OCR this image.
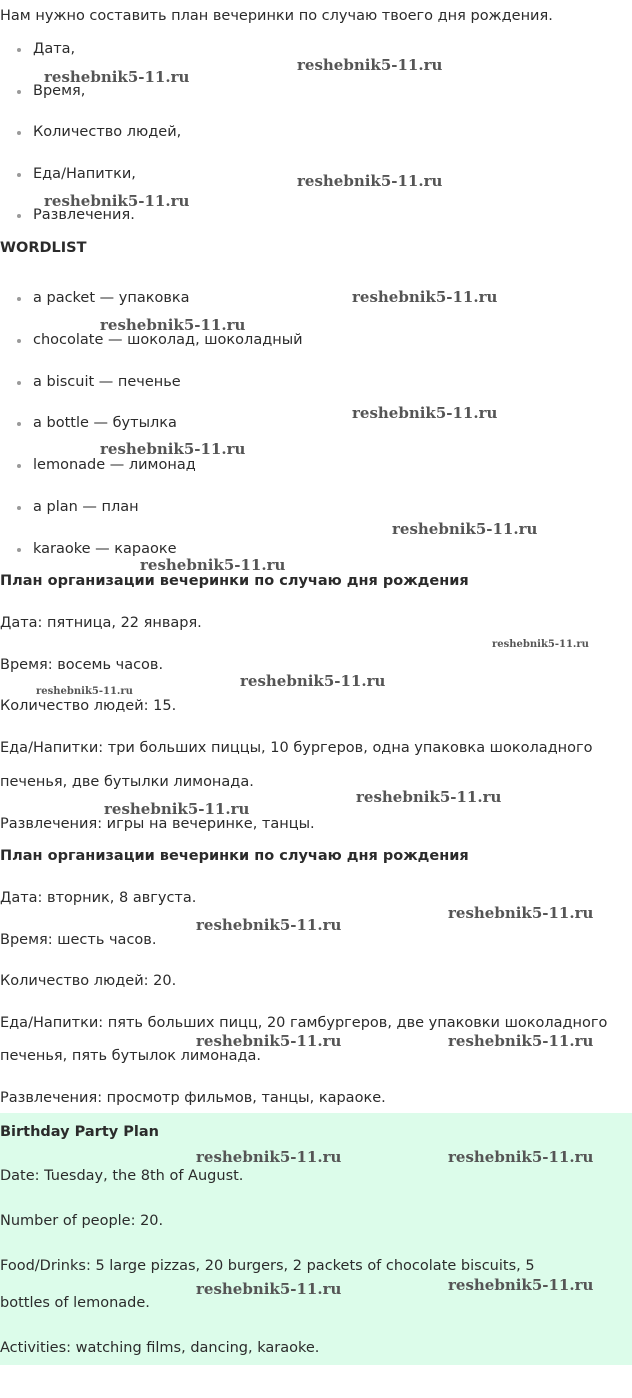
Нам нужно составить план вечеринки по случаю твоего дня рождения.
Дата,
Время,
Количество людей,
Еда/Напитки,
Развлечения.
WORDLIST
a packet — упаковка
chocolate — шоколад, шоколадный
a biscuit — печенье
a bottle — бутылка
lemonade — лимонад
a plan — план
karaoke — караоке
План организации вечеринки по случаю дня рождения
Дата: пятница, 22 января.
Время: восемь часов.
Количество людей: 15.
Еда/Напитки: три больших пиццы, 10 бургеров, одна упаковка шоколадного
печенья, две бутылки лимонада.
Развлечения: игры на вечеринке, танцы.
План организации вечеринки по случаю дня рождения
Дата: вторник, 8 августа.
Время: шесть часов.
Количество людей: 20.
Еда/Напитки: пять больших пицц, 20 гамбургеров, две упаковки шоколадного
печенья, пять бутылок лимонада.
Развлечения: просмотр фильмов, танцы, караоке.
Birthday Party Plan
Date: Tuesday, the 8th of August.
Number of people: 20.
Food/Drinks: 5 large pizzas, 20 burgers, 2 packets of chocolate biscuits, 5
bottles of lemonade.
Activities: watching films, dancing, karaoke.
reshebnik5-11.ru
reshebnik5-11.ru
reshebnik5-11.ru
reshebnik5-11.ru
reshebnik5-11.ru
reshebnik5-11.ru
reshebnik5-11.ru
reshebnik5-11.ru
reshebnik5-11.ru
reshebnik5-11.ru
reshebnik5-11.ru
reshebnik5-11.ru
reshebnik5-11.ru
reshebnik5-11.ru
reshebnik5-11.ru
reshebnik5-11.ru
reshebnik5-11.ru
reshebnik5-11.ru	reshebnik5-11.ru
reshebnik5-11.ru	reshebnik5-11.ru
reshebnik5-11.ru	reshebnik5-11.ru
